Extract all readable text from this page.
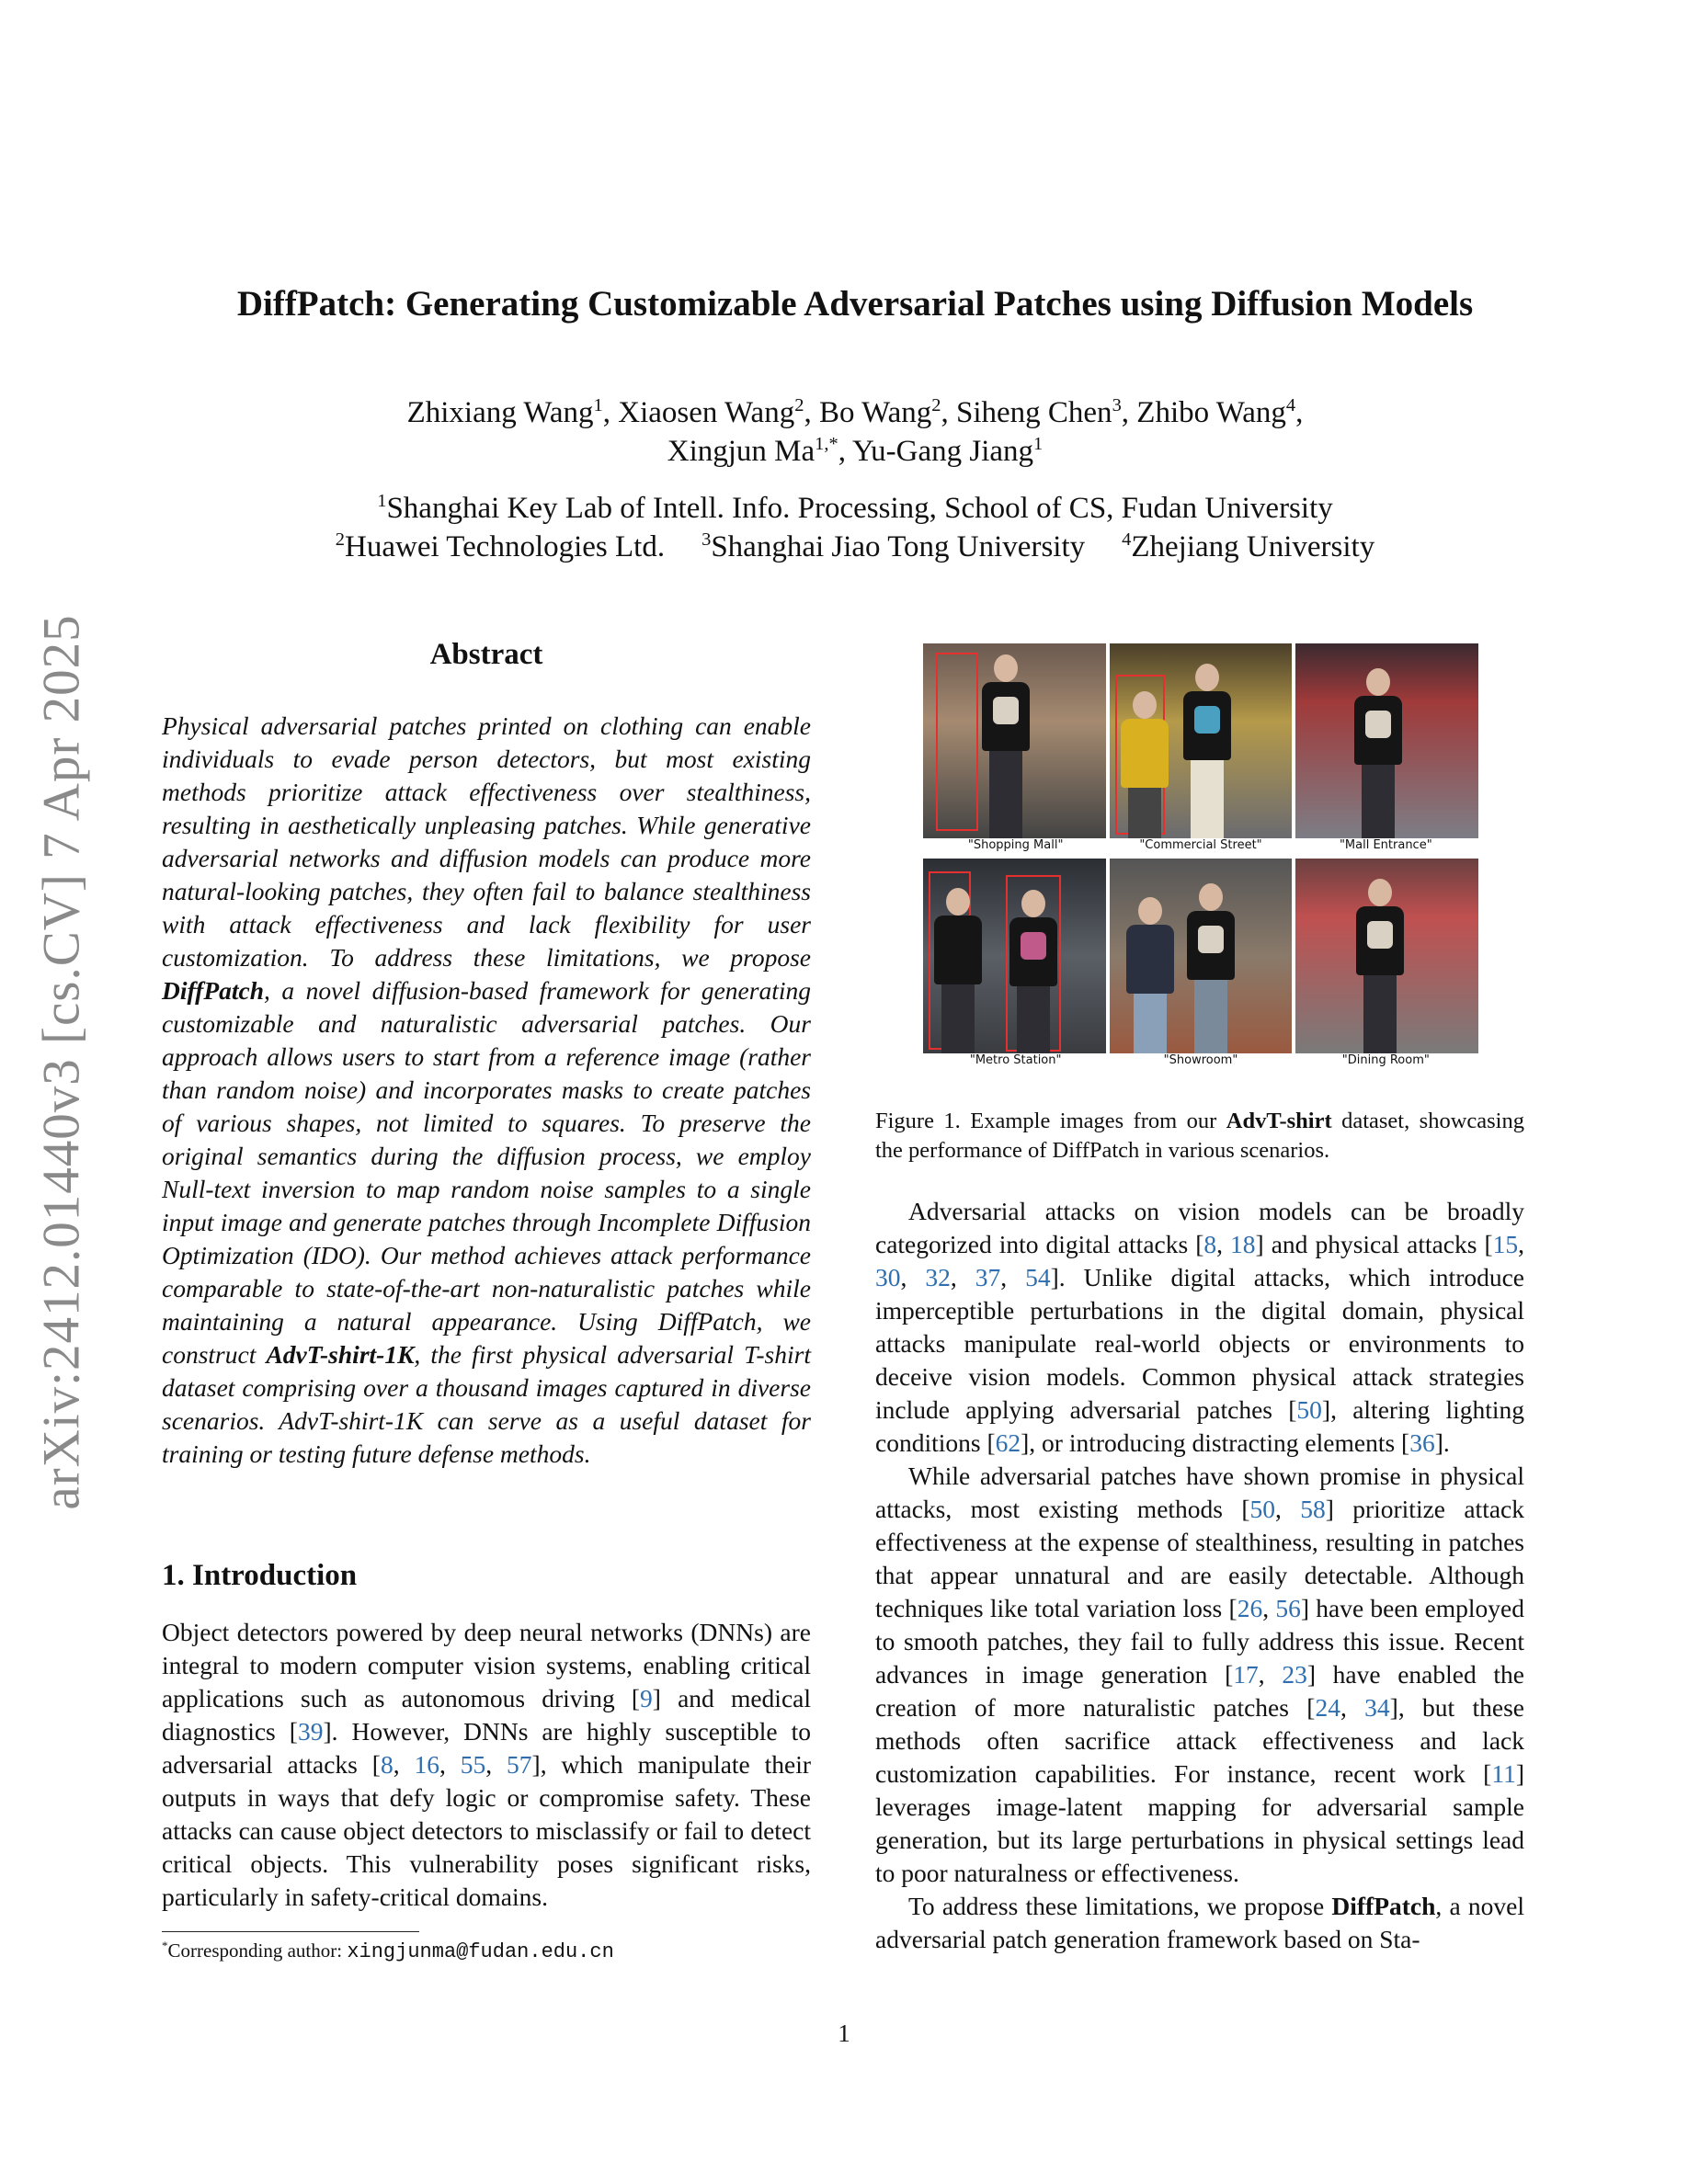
arXiv:2412.01440v3 [cs.CV] 7 Apr 2025
DiffPatch: Generating Customizable Adversarial Patches using Diffusion Models
Zhixiang Wang$^1$, Xiaosen Wang$^2$, Bo Wang$^2$, Siheng Chen$^3$, Zhibo Wang$^4$,
Xingjun $Ma^{1,*}$, Yu-Gang Jiang$^1$
$^1$Shanghai Key Lab of Intell. Info. Processing, School of CS, Fudan University
$^2$Huawei Technologies Ltd. $^3$Shanghai Jiao Tong University $^4$Zhejiang University
Abstract
Physical adversarial patches printed on clothing can enable individuals to evade person detectors, but most existing methods prioritize attack effectiveness over stealthiness, resulting in aesthetically unpleasing patches. While generative adversarial networks and diffusion models can produce more natural-looking patches, they often fail to balance stealthiness with attack effectiveness and lack flexibility for user customization. To address these limitations, we propose DiffPatch, a novel diffusion-based framework for generating customizable and naturalistic adversarial patches. Our approach allows users to start from a reference image (rather than random noise) and incorporates masks to create patches of various shapes, not limited to squares. To preserve the original semantics during the diffusion process, we employ Null-text inversion to map random noise samples to a single input image and generate patches through Incomplete Diffusion Optimization (IDO). Our method achieves attack performance comparable to state-of-the-art non-naturalistic patches while maintaining a natural appearance. Using DiffPatch, we construct AdvT-shirt-1K, the first physical adversarial T-shirt dataset comprising over a thousand images captured in diverse scenarios. AdvT-shirt-1K can serve as a useful dataset for training or testing future defense methods.
1. Introduction

Object detectors powered by deep neural networks (DNNs) are integral to modern computer vision systems, enabling critical applications such as autonomous driving [9] and medical diagnostics [39]. However, DNNs are highly susceptible to adversarial attacks [8, 16, 55, 57], which manipulate their outputs in ways that defy logic or compromise safety. These attacks can cause object detectors to misclassify or fail to detect critical objects. This vulnerability poses significant risks, particularly in safety-critical domains.

*Corresponding author: xingjunma@fudan.edu.cn
"Shopping Mall"	"Commercial Street"	"Mall Entrance"
"Metro Station"	"Showroom"	"Dining Room"
Figure 1. Example images from our AdvT-shirt dataset, showcasing the performance of DiffPatch in various scenarios.

Adversarial attacks on vision models can be broadly categorized into digital attacks [8, 18] and physical attacks [15, 30, 32, 37, 54]. Unlike digital attacks, which introduce imperceptible perturbations in the digital domain, physical attacks manipulate real-world objects or environments to deceive vision models. Common physical attack strategies include applying adversarial patches [50], altering lighting conditions [62], or introducing distracting elements [36].

While adversarial patches have shown promise in physical attacks, most existing methods [50, 58] prioritize attack effectiveness at the expense of stealthiness, resulting in patches that appear unnatural and are easily detectable. Although techniques like total variation loss [26, 56] have been employed to smooth patches, they fail to fully address this issue. Recent advances in image generation [17, 23] have enabled the creation of more naturalistic patches [24, 34], but these methods often sacrifice attack effectiveness and lack customization capabilities. For instance, recent work [11] leverages image-latent mapping for adversarial sample generation, but its large perturbations in physical settings lead to poor naturalness or effectiveness.

To address these limitations, we propose DiffPatch, a novel adversarial patch generation framework based on Sta-

1
